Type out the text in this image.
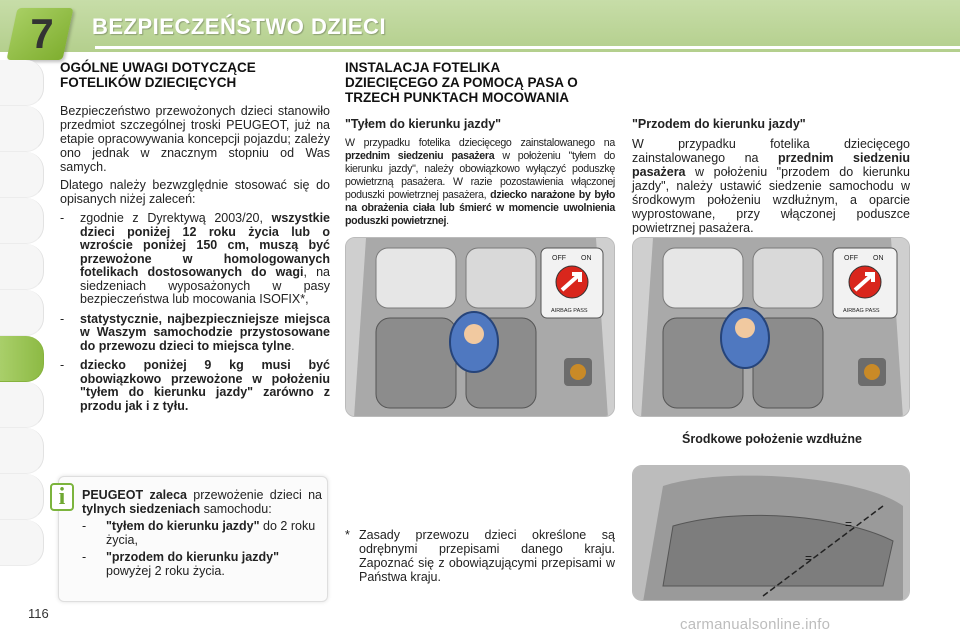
7	BEZPIECZEŃSTWO DZIECI
OGÓLNE UWAGI DOTYCZĄCE
FOTELIKÓW DZIECIĘCYCH

Bezpieczeństwo przewożonych dzieci stanowiło przedmiot szczególnej troski PEUGEOT, już na etapie opracowywania koncepcji pojazdu; zależy ono jednak w znacznym stopniu od Was samych.

Dlatego należy bezwzględnie stosować się do opisanych niżej zaleceń:

- zgodnie z Dyrektywą 2003/20, wszystkie dzieci poniżej 12 roku życia lub o wzroście poniżej 150 cm, muszą być przewożone w homologowanych fotelikach dostosowanych do wagi, na siedzeniach wyposażonych w pasy bezpieczeństwa lub mocowania ISOFIX*,
- statystycznie, najbezpieczniejsze miejsca w Waszym samochodzie przystosowane do przewozu dzieci to miejsca tylne.
- dziecko poniżej 9 kg musi być obowiązkowo przewożone w położeniu "tyłem do kierunku jazdy" zarówno z przodu jak i z tyłu.
i	PEUGEOT zaleca przewożenie dzieci na tylnych siedzeniach samochodu:
- "tyłem do kierunku jazdy" do 2 roku życia,
- "przodem do kierunku jazdy" powyżej 2 roku życia.
INSTALACJA FOTELIKA
DZIECIĘCEGO ZA POMOCĄ PASA O
TRZECH PUNKTACH MOCOWANIA
"Tyłem do kierunku jazdy"

W przypadku fotelika dziecięcego zainstalowanego na przednim siedzeniu pasażera w położeniu "tyłem do kierunku jazdy", należy obowiązkowo wyłączyć poduszkę powietrzną pasażera. W razie pozostawienia włączonej poduszki powietrznej pasażera, dziecko narażone by było na obrażenia ciała lub śmierć w momencie uwolnienia poduszki powietrznej.

"Przodem do kierunku jazdy"

W przypadku fotelika dziecięcego zainstalowanego na przednim siedzeniu pasażera w położeniu "przodem do kierunku jazdy", należy ustawić siedzenie samochodu w środkowym położeniu wzdłużnym, a oparcie wyprostowane, przy włączonej poduszce powietrznej pasażera.

OFF ON
AIRBAG PASS
OFF ON
AIRBAG PASS
Środkowe położenie wzdłużne
=
=
* Zasady przewozu dzieci określone są odrębnymi przepisami danego kraju. Zapoznać się z obowiązującymi przepisami w Państwa kraju.
116
carmanualsonline.info
